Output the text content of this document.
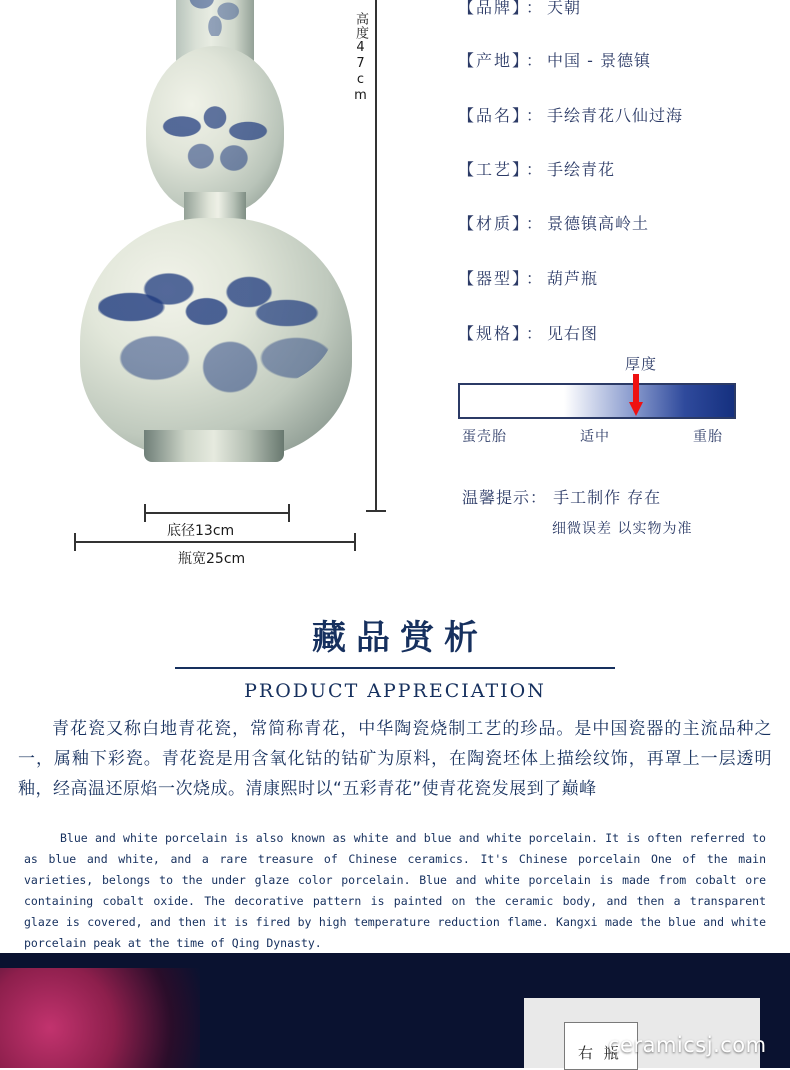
高度47cm
底径13cm
瓶宽25cm
【品牌】 ： 天朝
【产地】 ： 中国 - 景德镇
【品名】 ： 手绘青花八仙过海
【工艺】 ： 手绘青花
【材质】 ： 景德镇高岭土
【器型】 ： 葫芦瓶
【规格】 ： 见右图
厚度
蛋壳胎	适中	重胎
温馨提示： 手工制作 存在
细微误差 以实物为准
藏品赏析
PRODUCT APPRECIATION
青花瓷又称白地青花瓷，常简称青花，中华陶瓷烧制工艺的珍品。是中国瓷器的主流品种之一，属釉下彩瓷。青花瓷是用含氧化钴的钴矿为原料，在陶瓷坯体上描绘纹饰，再罩上一层透明釉，经高温还原焰一次烧成。清康熙时以“五彩青花”使青花瓷发展到了巅峰
Blue and white porcelain is also known as white and blue and white porcelain. It is often referred to as blue and white, and a rare treasure of Chinese ceramics. It's Chinese porcelain One of the main varieties, belongs to the under glaze color porcelain. Blue and white porcelain is made from cobalt ore containing cobalt oxide. The decorative pattern is painted on the ceramic body, and then a transparent glaze is covered, and then it is fired by high temperature reduction flame. Kangxi made the blue and white porcelain peak at the time of Qing Dynasty.
右 瓶
ceramicsj.com
